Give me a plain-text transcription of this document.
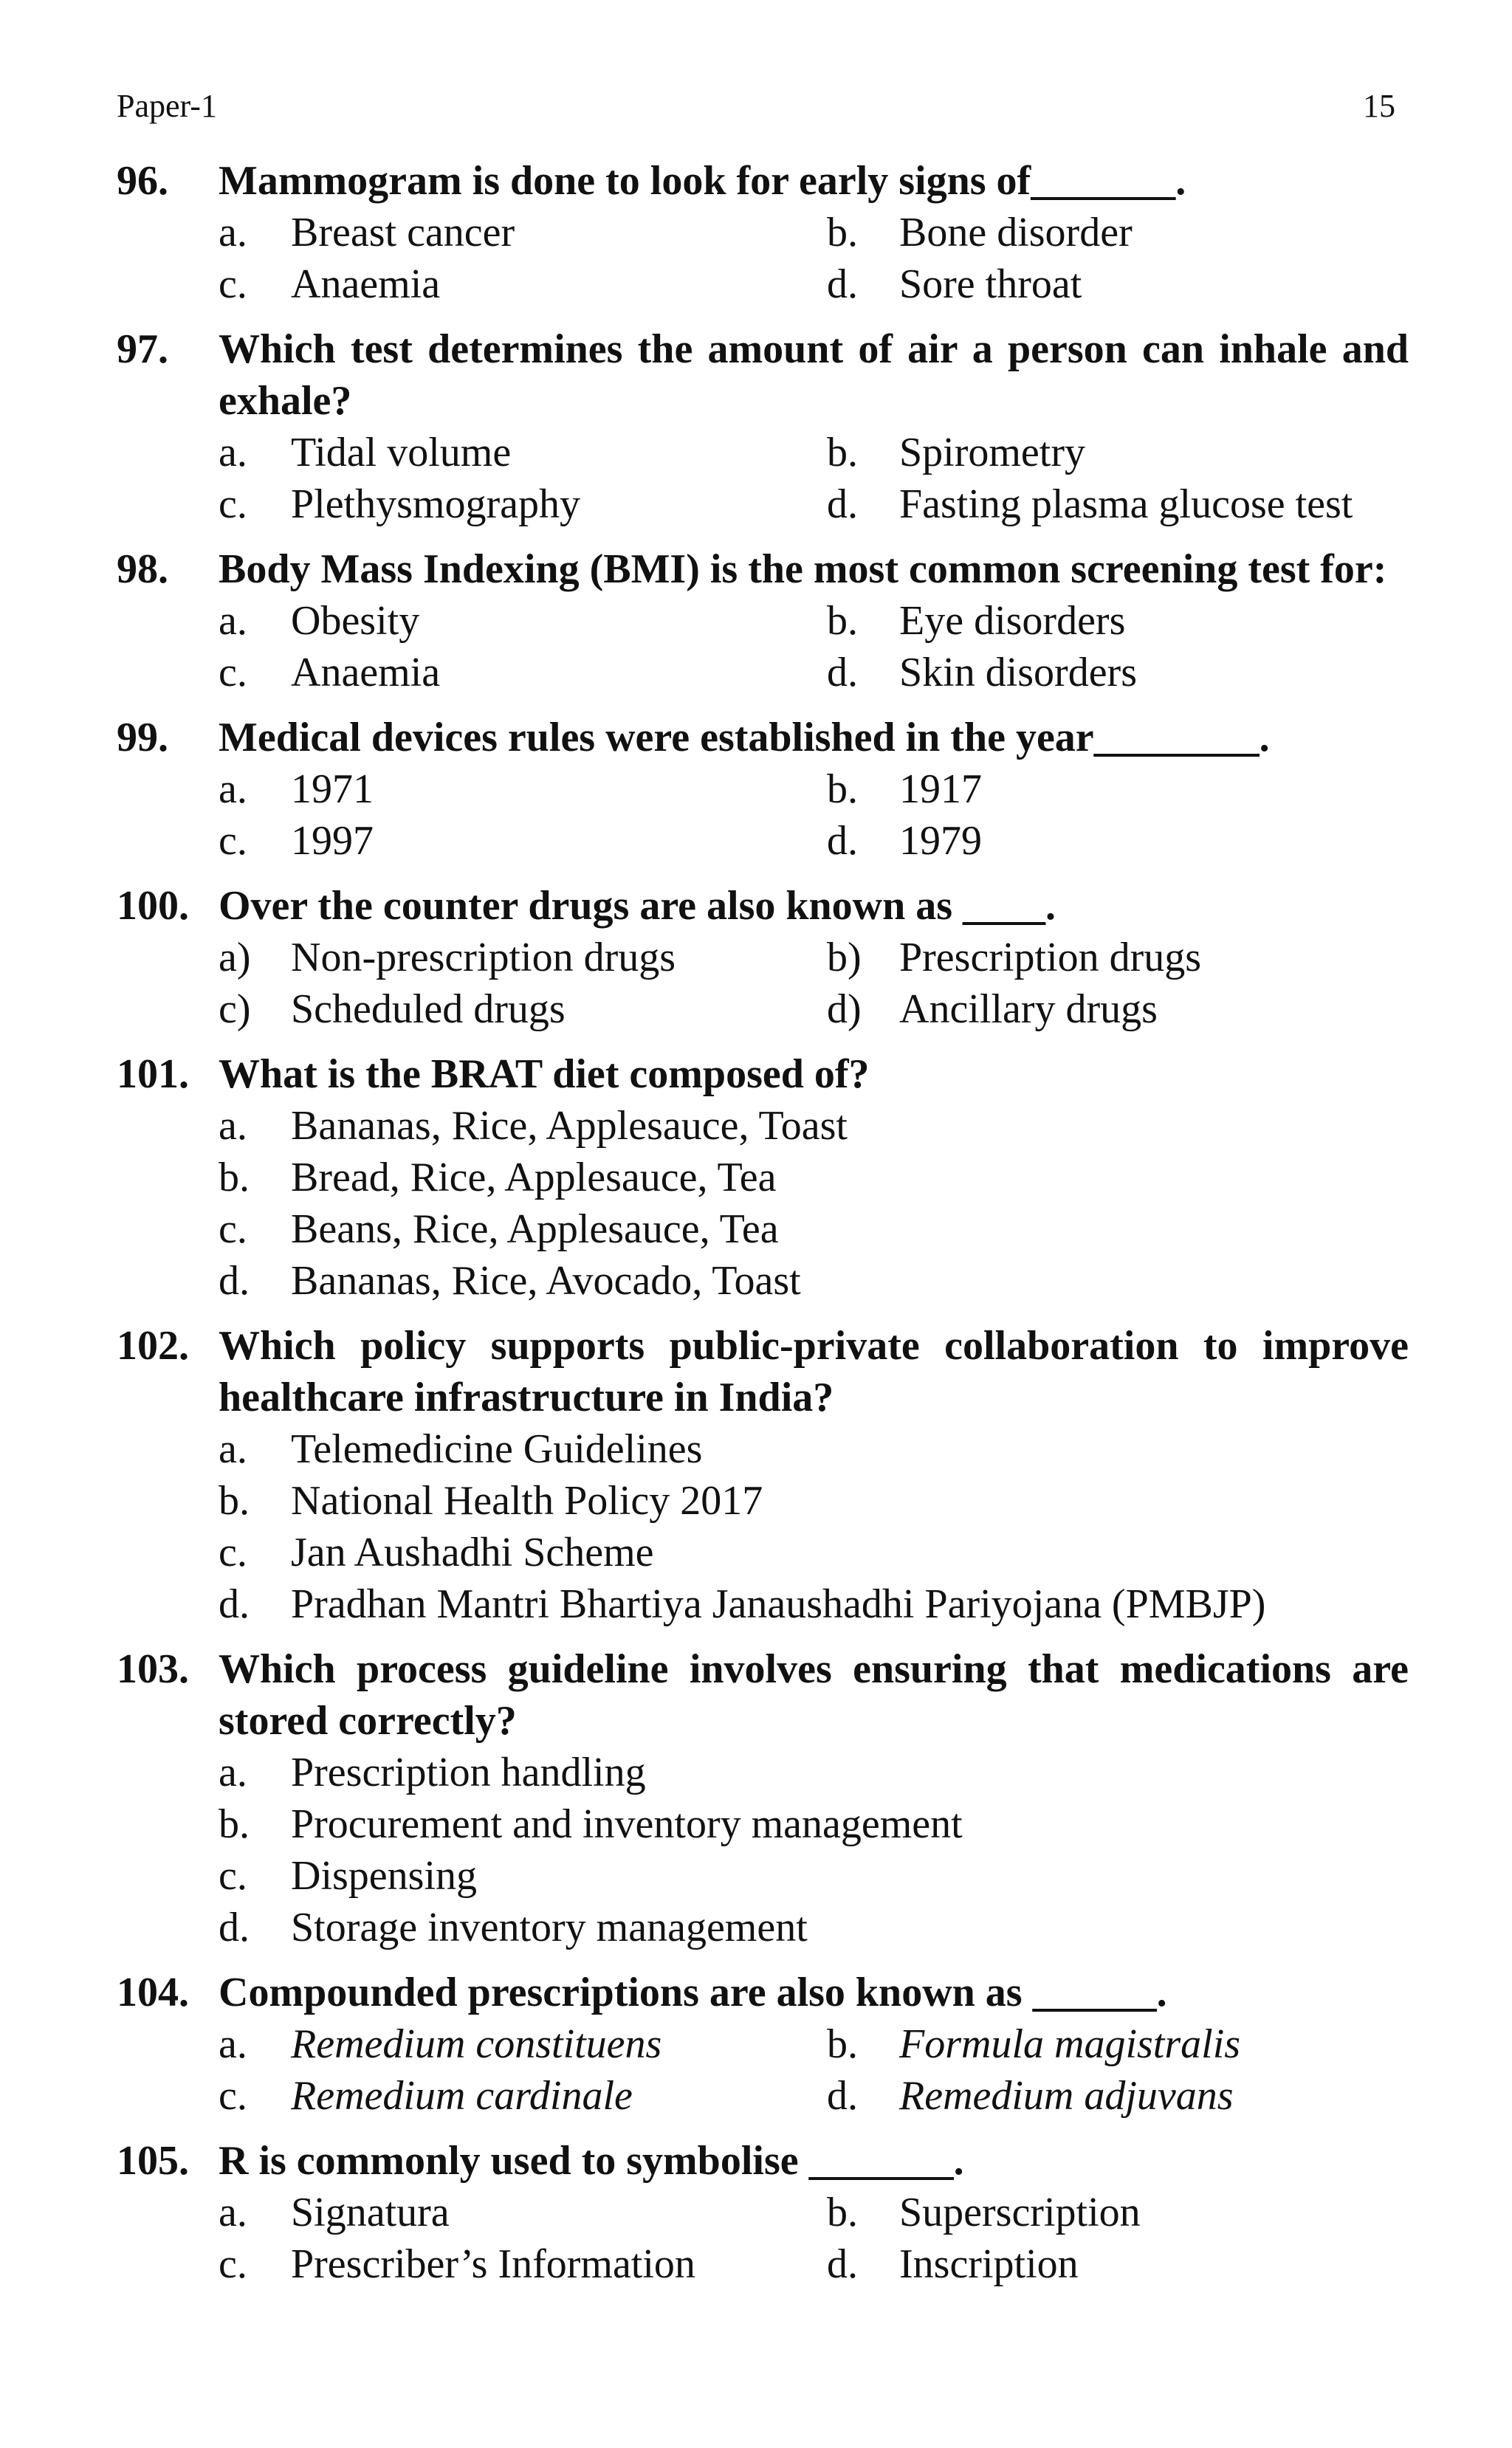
Paper-1	15
96.	Mammogram is done to look for early signs of_______.
a.	Breast cancer	b.	Bone disorder
c.	Anaemia	d.	Sore throat
97.	Which test determines the amount of air a person can inhale and exhale?
a.	Tidal volume	b.	Spirometry
c.	Plethysmography	d.	Fasting plasma glucose test
98.	Body Mass Indexing (BMI) is the most common screening test for:
a.	Obesity	b.	Eye disorders
c.	Anaemia	d.	Skin disorders
99.	Medical devices rules were established in the year________.
a.	1971	b.	1917
c.	1997	d.	1979
100. Over the counter drugs are also known as ____.
a) Non-prescription drugs	b) Prescription drugs
c) Scheduled drugs	d) Ancillary drugs
101. What is the BRAT diet composed of?
a.	Bananas, Rice, Applesauce, Toast
b.	Bread, Rice, Applesauce, Tea
c.	Beans, Rice, Applesauce, Tea
d.	Bananas, Rice, Avocado, Toast
102. Which policy supports public-private collaboration to improve healthcare infrastructure in India?
a.	Telemedicine Guidelines
b.	National Health Policy 2017
c.	Jan Aushadhi Scheme
d.	Pradhan Mantri Bhartiya Janaushadhi Pariyojana (PMBJP)
103. Which process guideline involves ensuring that medications are stored correctly?
a.	Prescription handling
b.	Procurement and inventory management
c.	Dispensing
d.	Storage inventory management
104. Compounded prescriptions are also known as ______.
a.	Remedium constituens	b.	Formula magistralis
c.	Remedium cardinale	d.	Remedium adjuvans
105. R is commonly used to symbolise _______.
a.	Signatura	b.	Superscription
c.	Prescriber’s Information	d.	Inscription
